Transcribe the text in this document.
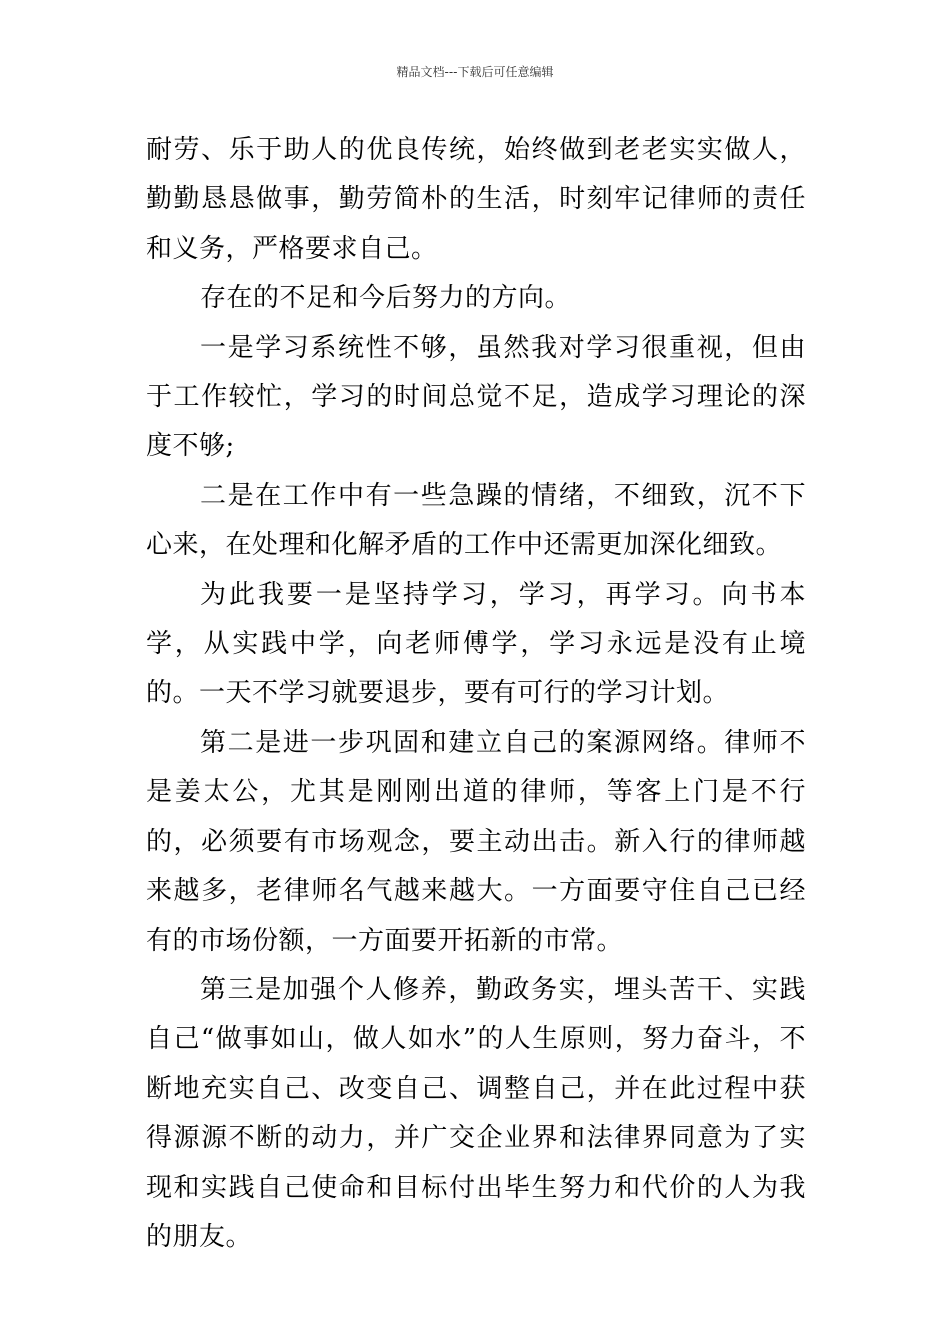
精品文档---下载后可任意编辑

耐劳、乐于助人的优良传统，始终做到老老实实做人，勤勤恳恳做事，勤劳简朴的生活，时刻牢记律师的责任和义务，严格要求自己。

存在的不足和今后努力的方向。

一是学习系统性不够，虽然我对学习很重视，但由于工作较忙，学习的时间总觉不足，造成学习理论的深度不够;

二是在工作中有一些急躁的情绪，不细致，沉不下心来，在处理和化解矛盾的工作中还需更加深化细致。

为此我要一是坚持学习，学习，再学习。向书本学，从实践中学，向老师傅学，学习永远是没有止境的。一天不学习就要退步，要有可行的学习计划。

第二是进一步巩固和建立自己的案源网络。律师不是姜太公，尤其是刚刚出道的律师，等客上门是不行的，必须要有市场观念，要主动出击。新入行的律师越来越多，老律师名气越来越大。一方面要守住自己已经有的市场份额，一方面要开拓新的市常。

第三是加强个人修养，勤政务实，埋头苦干、实践自己“做事如山，做人如水”的人生原则，努力奋斗，不断地充实自己、改变自己、调整自己，并在此过程中获得源源不断的动力，并广交企业界和法律界同意为了实现和实践自己使命和目标付出毕生努力和代价的人为我的朋友。
